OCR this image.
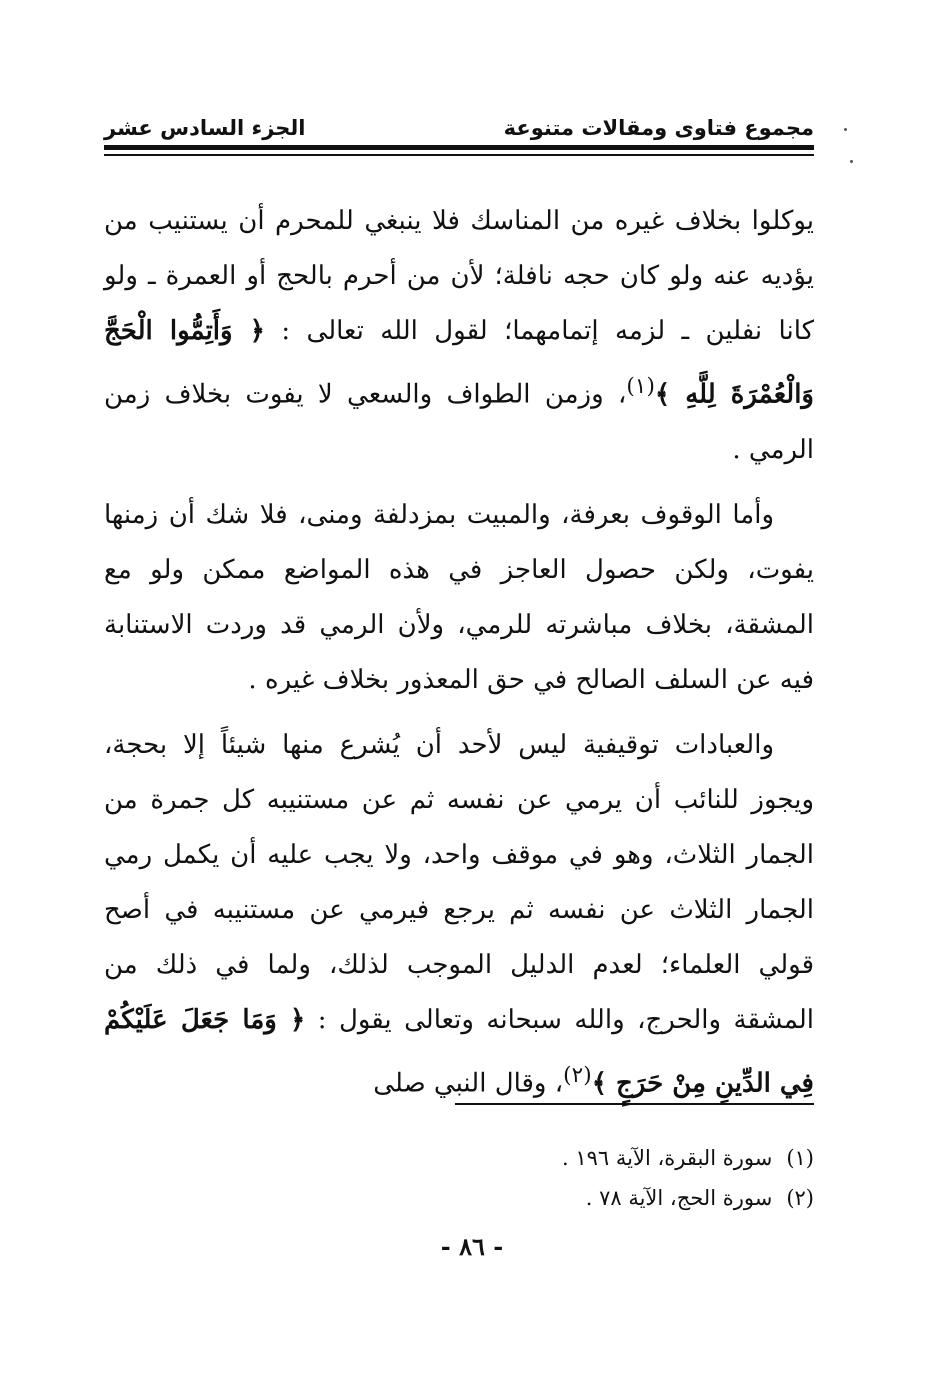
مجموع فتاوى ومقالات متنوعة
الجزء السادس عشر

يوكلوا بخلاف غيره من المناسك فلا ينبغي للمحرم أن يستنيب من يؤديه عنه ولو كان حجه نافلة؛ لأن من أحرم بالحج أو العمرة ـ ولو كانا نفلين ـ لزمه إتمامهما؛ لقول الله تعالى : ﴿ وَأَتِمُّوا الْحَجَّ وَالْعُمْرَةَ لِلَّهِ ﴾$^{(١)}$، وزمن الطواف والسعي لا يفوت بخلاف زمن الرمي .

وأما الوقوف بعرفة، والمبيت بمزدلفة ومنى، فلا شك أن زمنها يفوت، ولكن حصول العاجز في هذه المواضع ممكن ولو مع المشقة، بخلاف مباشرته للرمي، ولأن الرمي قد وردت الاستنابة فيه عن السلف الصالح في حق المعذور بخلاف غيره .

والعبادات توقيفية ليس لأحد أن يُشرع منها شيئاً إلا بحجة، ويجوز للنائب أن يرمي عن نفسه ثم عن مستنيبه كل جمرة من الجمار الثلاث، وهو في موقف واحد، ولا يجب عليه أن يكمل رمي الجمار الثلاث عن نفسه ثم يرجع فيرمي عن مستنيبه في أصح قولي العلماء؛ لعدم الدليل الموجب لذلك، ولما في ذلك من المشقة والحرج، والله سبحانه وتعالى يقول : ﴿ وَمَا جَعَلَ عَلَيْكُمْ فِي الدِّينِ مِنْ حَرَجٍ ﴾$^{(٢)}$، وقال النبي صلى

(١)
سورة البقرة، الآية ١٩٦ .
(٢)
سورة الحج، الآية ٧٨ .
- ٨٦ -
